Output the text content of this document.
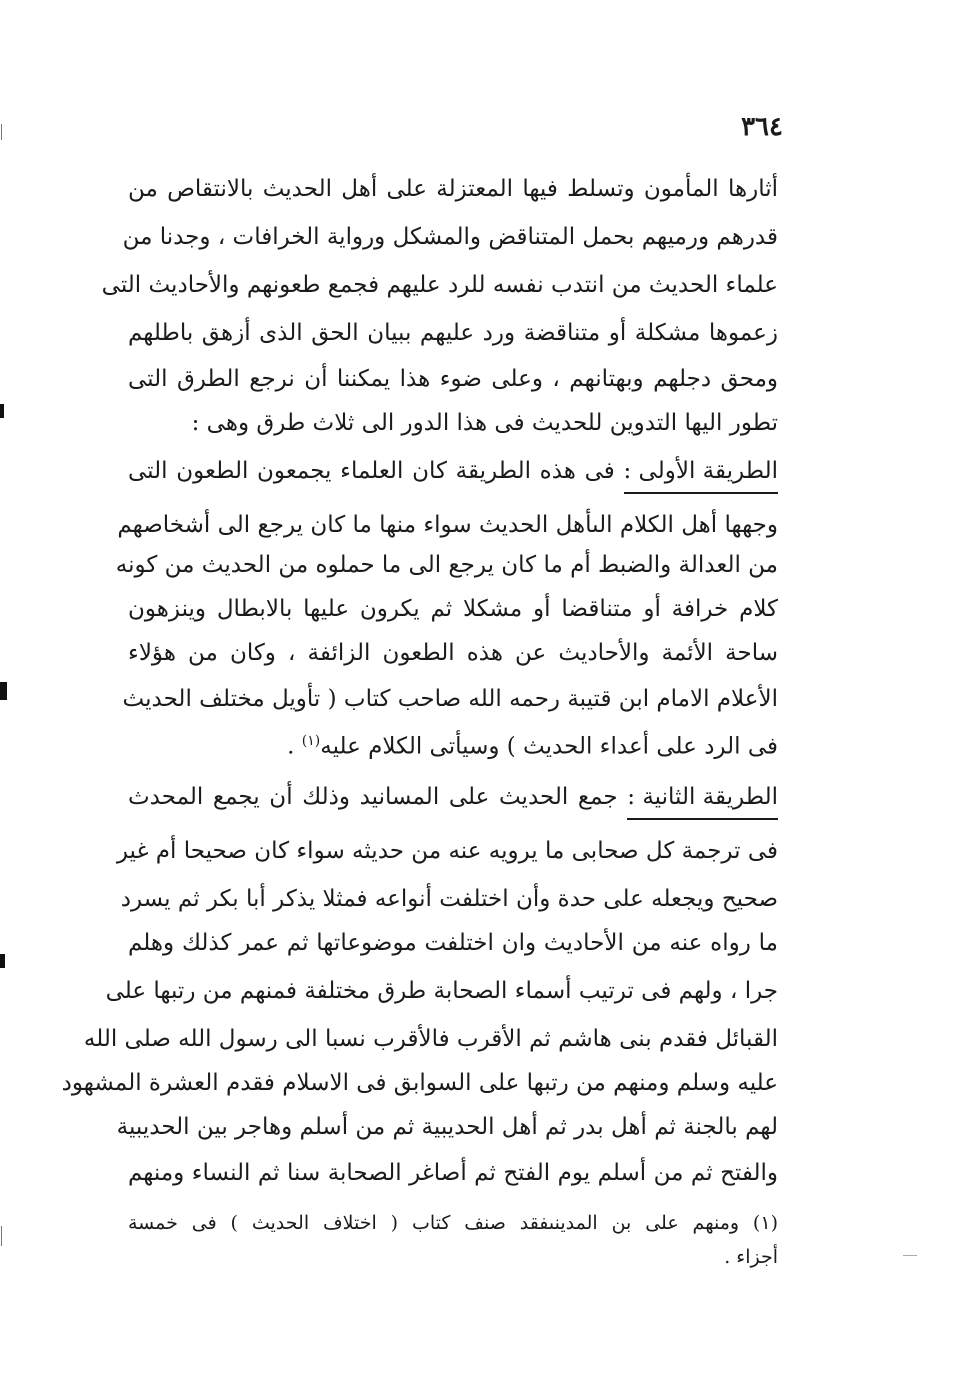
٣٦٤
أثارها المأمون وتسلط فيها المعتزلة على أهل الحديث بالانتقاص من
قدرهم ورميهم بحمل المتناقض والمشكل ورواية الخرافات ، وجدنا من
علماء الحديث من انتدب نفسه للرد عليهم فجمع طعونهم والأحاديث التى
زعموها مشكلة أو متناقضة ورد عليهم ببيان الحق الذى أزهق باطلهم
ومحق دجلهم وبهتانهم ، وعلى ضوء هذا يمكننا أن نرجع الطرق التى
تطور اليها التدوين للحديث فى هذا الدور الى ثلاث طرق وهى :
الطريقة الأولى : فى هذه الطريقة كان العلماء يجمعون الطعون التى
وجهها أهل الكلام الىأهل الحديث سواء منها ما كان يرجع الى أشخاصهم
من العدالة والضبط أم ما كان يرجع الى ما حملوه من الحديث من كونه
كلام خرافة أو متناقضا أو مشكلا ثم يكرون عليها بالابطال وينزهون
ساحة الأئمة والأحاديث عن هذه الطعون الزائفة ، وكان من هؤلاء
الأعلام الامام ابن قتيبة رحمه الله صاحب كتاب ( تأويل مختلف الحديث
فى الرد على أعداء الحديث ) وسيأتى الكلام عليه$^{(١)}$ .
الطريقة الثانية : جمع الحديث على المسانيد وذلك أن يجمع المحدث
فى ترجمة كل صحابى ما يرويه عنه من حديثه سواء كان صحيحا أم غير
صحيح ويجعله على حدة وأن اختلفت أنواعه فمثلا يذكر أبا بكر ثم يسرد
ما رواه عنه من الأحاديث وان اختلفت موضوعاتها ثم عمر كذلك وهلم
جرا ، ولهم فى ترتيب أسماء الصحابة طرق مختلفة فمنهم من رتبها على
القبائل فقدم بنى هاشم ثم الأقرب فالأقرب نسبا الى رسول الله صلى الله
عليه وسلم ومنهم من رتبها على السوابق فى الاسلام فقدم العشرة المشهود
لهم بالجنة ثم أهل بدر ثم أهل الحديبية ثم من أسلم وهاجر بين الحديبية
والفتح ثم من أسلم يوم الفتح ثم أصاغر الصحابة سنا ثم النساء ومنهم
(١) ومنهم على بن المدينىفقد صنف كتاب ( اختلاف الحديث ) فى خمسة
أجزاء .
